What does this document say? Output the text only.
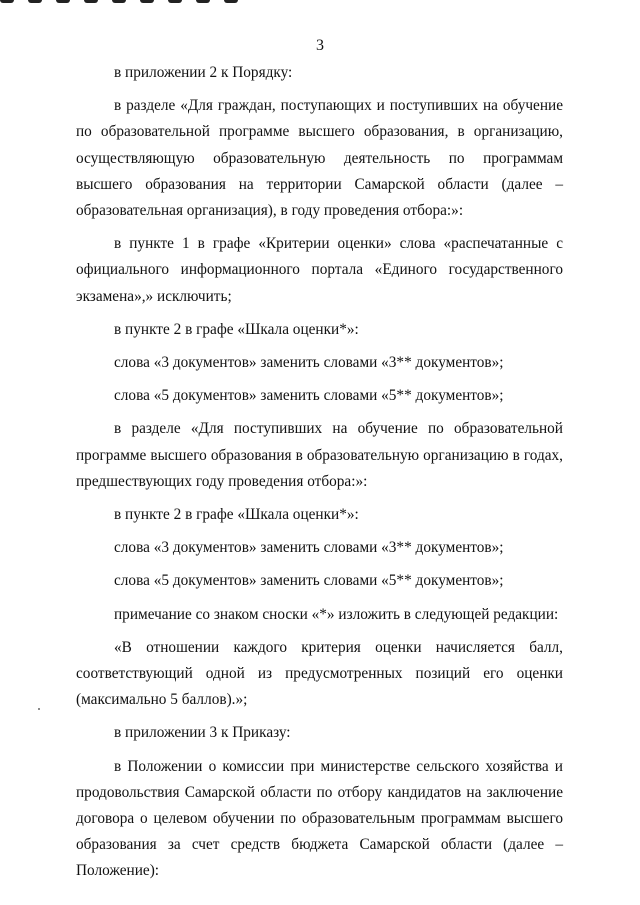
3

в приложении 2 к Порядку:

в разделе «Для граждан, поступающих и поступивших на обучение по образовательной программе высшего образования, в организацию, осуществляющую образовательную деятельность по программам высшего образования на территории Самарской области (далее – образовательная организация), в году проведения отбора:»:

в пункте 1 в графе «Критерии оценки» слова «распечатанные с официального информационного портала «Единого государственного экзамена»,» исключить;

в пункте 2 в графе «Шкала оценки*»:

слова «3 документов» заменить словами «3** документов»;

слова «5 документов» заменить словами «5** документов»;

в разделе «Для поступивших на обучение по образовательной программе высшего образования в образовательную организацию в годах, предшествующих году проведения отбора:»:

в пункте 2 в графе «Шкала оценки*»:

слова «3 документов» заменить словами «3** документов»;

слова «5 документов» заменить словами «5** документов»;

примечание со знаком сноски «*» изложить в следующей редакции:

«В отношении каждого критерия оценки начисляется балл, соответствующий одной из предусмотренных позиций его оценки (максимально 5 баллов).»;

в приложении 3 к Приказу:

в Положении о комиссии при министерстве сельского хозяйства и продовольствия Самарской области по отбору кандидатов на заключение договора о целевом обучении по образовательным программам высшего образования за счет средств бюджета Самарской области (далее – Положение):
